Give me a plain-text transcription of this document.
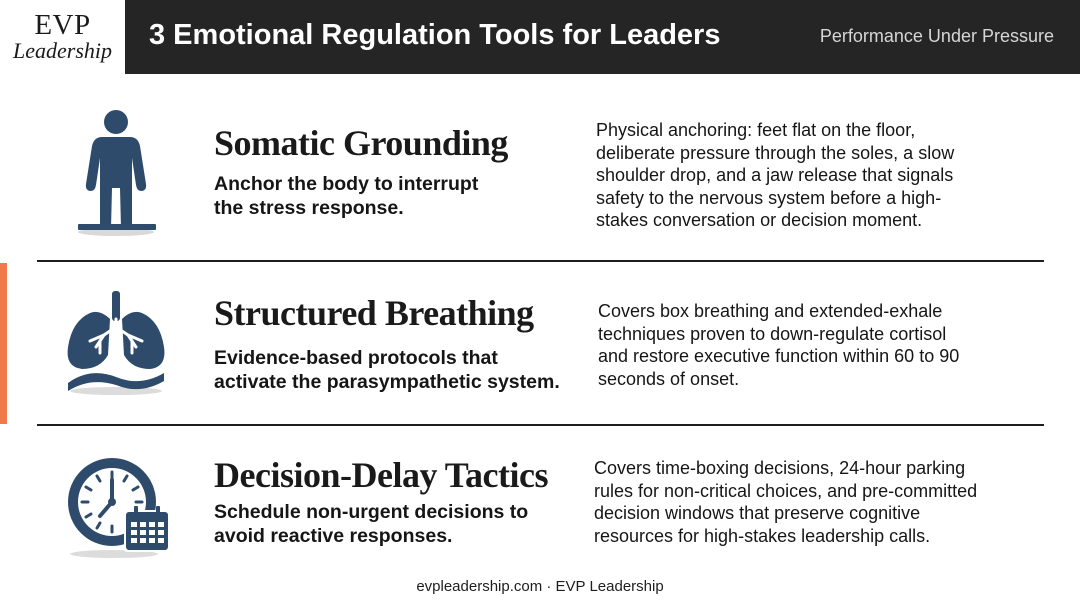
EVP
Leadership	3 Emotional Regulation Tools for Leaders	Performance Under Pressure
Somatic Grounding
Anchor the body to interrupt
the stress response.
Physical anchoring: feet flat on the floor,
deliberate pressure through the soles, a slow
shoulder drop, and a jaw release that signals
safety to the nervous system before a high-
stakes conversation or decision moment.
Structured Breathing
Evidence-based protocols that
activate the parasympathetic system.
Covers box breathing and extended-exhale
techniques proven to down-regulate cortisol
and restore executive function within 60 to 90
seconds of onset.
Decision-Delay Tactics
Schedule non-urgent decisions to
avoid reactive responses.
Covers time-boxing decisions, 24-hour parking
rules for non-critical choices, and pre-committed
decision windows that preserve cognitive
resources for high-stakes leadership calls.
evpleadership.com · EVP Leadership
